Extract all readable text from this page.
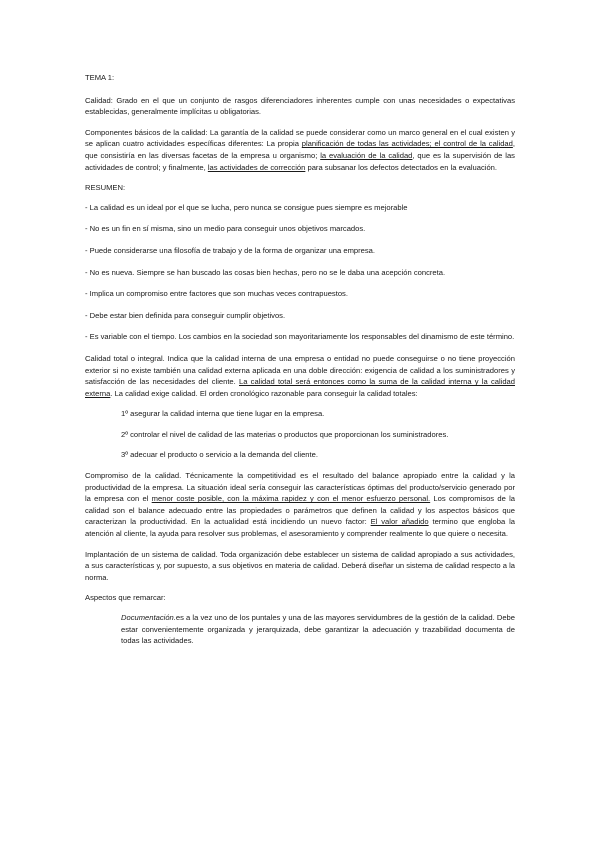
TEMA 1:

Calidad: Grado en el que un conjunto de rasgos diferenciadores inherentes cumple con unas necesidades o expectativas establecidas, generalmente implícitas u obligatorias.

Componentes básicos de la calidad: La garantía de la calidad se puede considerar como un marco general en el cual existen y se aplican cuatro actividades específicas diferentes: La propia planificación de todas las actividades; el control de la calidad, que consistiría en las diversas facetas de la empresa u organismo; la evaluación de la calidad, que es la supervisión de las actividades de control; y finalmente, las actividades de corrección para subsanar los defectos detectados en la evaluación.

RESUMEN:

- La calidad es un ideal por el que se lucha, pero nunca se consigue pues siempre es mejorable

- No es un fin en sí misma, sino un medio para conseguir unos objetivos marcados.

- Puede considerarse una filosofía de trabajo y de la forma de organizar una empresa.

- No es nueva. Siempre se han buscado las cosas bien hechas, pero no se le daba una acepción concreta.

- Implica un compromiso entre factores que son muchas veces contrapuestos.

- Debe estar bien definida para conseguir cumplir objetivos.

- Es variable con el tiempo. Los cambios en la sociedad son mayoritariamente los responsables del dinamismo de este término.

Calidad total o integral. Indica que la calidad interna de una empresa o entidad no puede conseguirse o no tiene proyección exterior si no existe también una calidad externa aplicada en una doble dirección: exigencia de calidad a los suministradores y satisfacción de las necesidades del cliente. La calidad total será entonces como la suma de la calidad interna y la calidad externa. La calidad exige calidad. El orden cronológico razonable para conseguir la calidad totales:

1º asegurar la calidad interna que tiene lugar en la empresa.

2º controlar el nivel de calidad de las materias o productos que proporcionan los suministradores.

3º adecuar el producto o servicio a la demanda del cliente.

Compromiso de la calidad. Técnicamente la competitividad es el resultado del balance apropiado entre la calidad y la productividad de la empresa. La situación ideal sería conseguir las características óptimas del producto/servicio generado por la empresa con el menor coste posible, con la máxima rapidez y con el menor esfuerzo personal. Los compromisos de la calidad son el balance adecuado entre las propiedades o parámetros que definen la calidad y los aspectos básicos que caracterizan la productividad. En la actualidad está incidiendo un nuevo factor: El valor añadido termino que engloba la atención al cliente, la ayuda para resolver sus problemas, el asesoramiento y comprender realmente lo que quiere o necesita.

Implantación de un sistema de calidad. Toda organización debe establecer un sistema de calidad apropiado a sus actividades, a sus características y, por supuesto, a sus objetivos en materia de calidad. Deberá diseñar un sistema de calidad respecto a la norma.

Aspectos que remarcar:

Documentación.es a la vez uno de los puntales y una de las mayores servidumbres de la gestión de la calidad. Debe estar convenientemente organizada y jerarquizada, debe garantizar la adecuación y trazabilidad documenta de todas las actividades.
